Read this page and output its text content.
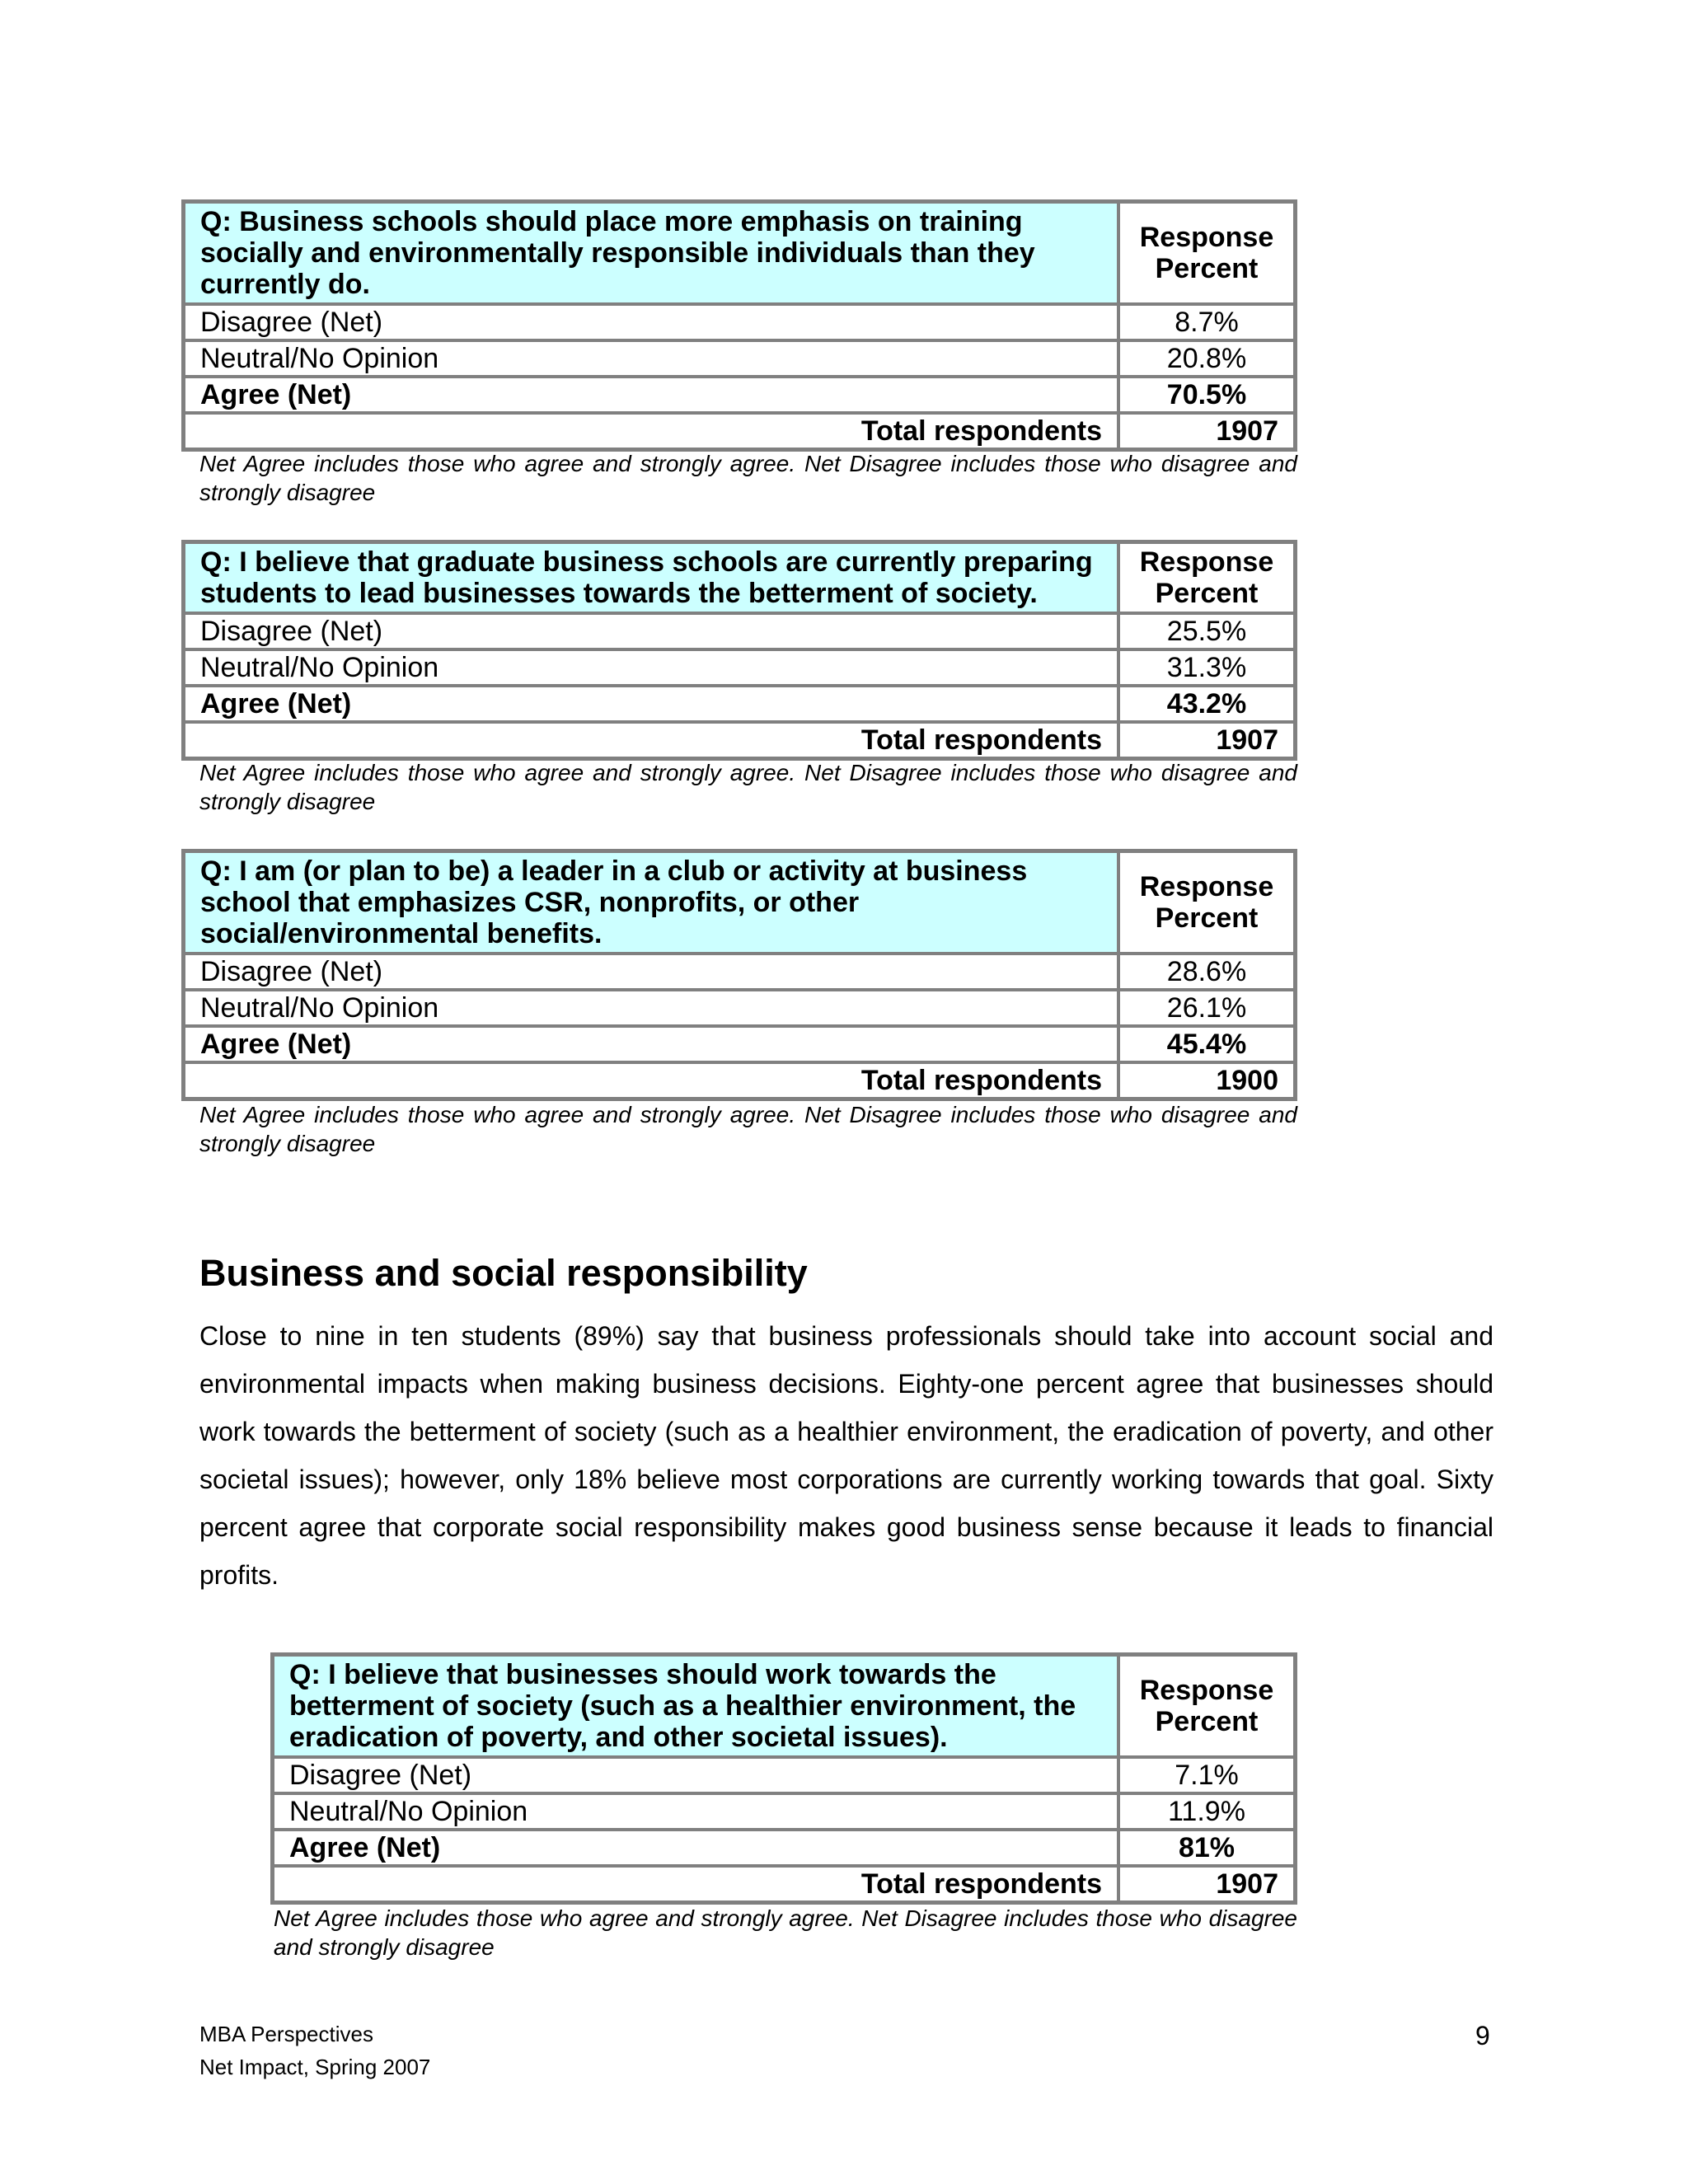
Q: Business schools should place more emphasis on training socially and environmentally responsible individuals than they currently do.	Response Percent
Disagree (Net)	8.7%
Neutral/No Opinion	20.8%
Agree (Net)	70.5%
Total respondents	1907
Net Agree includes those who agree and strongly agree. Net Disagree includes those who disagree and strongly disagree
Q: I believe that graduate business schools are currently preparing students to lead businesses towards the betterment of society.	Response Percent
Disagree (Net)	25.5%
Neutral/No Opinion	31.3%
Agree (Net)	43.2%
Total respondents	1907
Net Agree includes those who agree and strongly agree. Net Disagree includes those who disagree and strongly disagree
Q: I am (or plan to be) a leader in a club or activity at business school that emphasizes CSR, nonprofits, or other social/environmental benefits.	Response Percent
Disagree (Net)	28.6%
Neutral/No Opinion	26.1%
Agree (Net)	45.4%
Total respondents	1900
Net Agree includes those who agree and strongly agree. Net Disagree includes those who disagree and strongly disagree
Business and social responsibility

Close to nine in ten students (89%) say that business professionals should take into account social and environmental impacts when making business decisions. Eighty-one percent agree that businesses should work towards the betterment of society (such as a healthier environment, the eradication of poverty, and other societal issues); however, only 18% believe most corporations are currently working towards that goal. Sixty percent agree that corporate social responsibility makes good business sense because it leads to financial profits.

Q: I believe that businesses should work towards the betterment of society (such as a healthier environment, the eradication of poverty, and other societal issues).	Response Percent
Disagree (Net)	7.1%
Neutral/No Opinion	11.9%
Agree (Net)	81%
Total respondents	1907
Net Agree includes those who agree and strongly agree. Net Disagree includes those who disagree and strongly disagree
MBA Perspectives
Net Impact, Spring 2007
9
